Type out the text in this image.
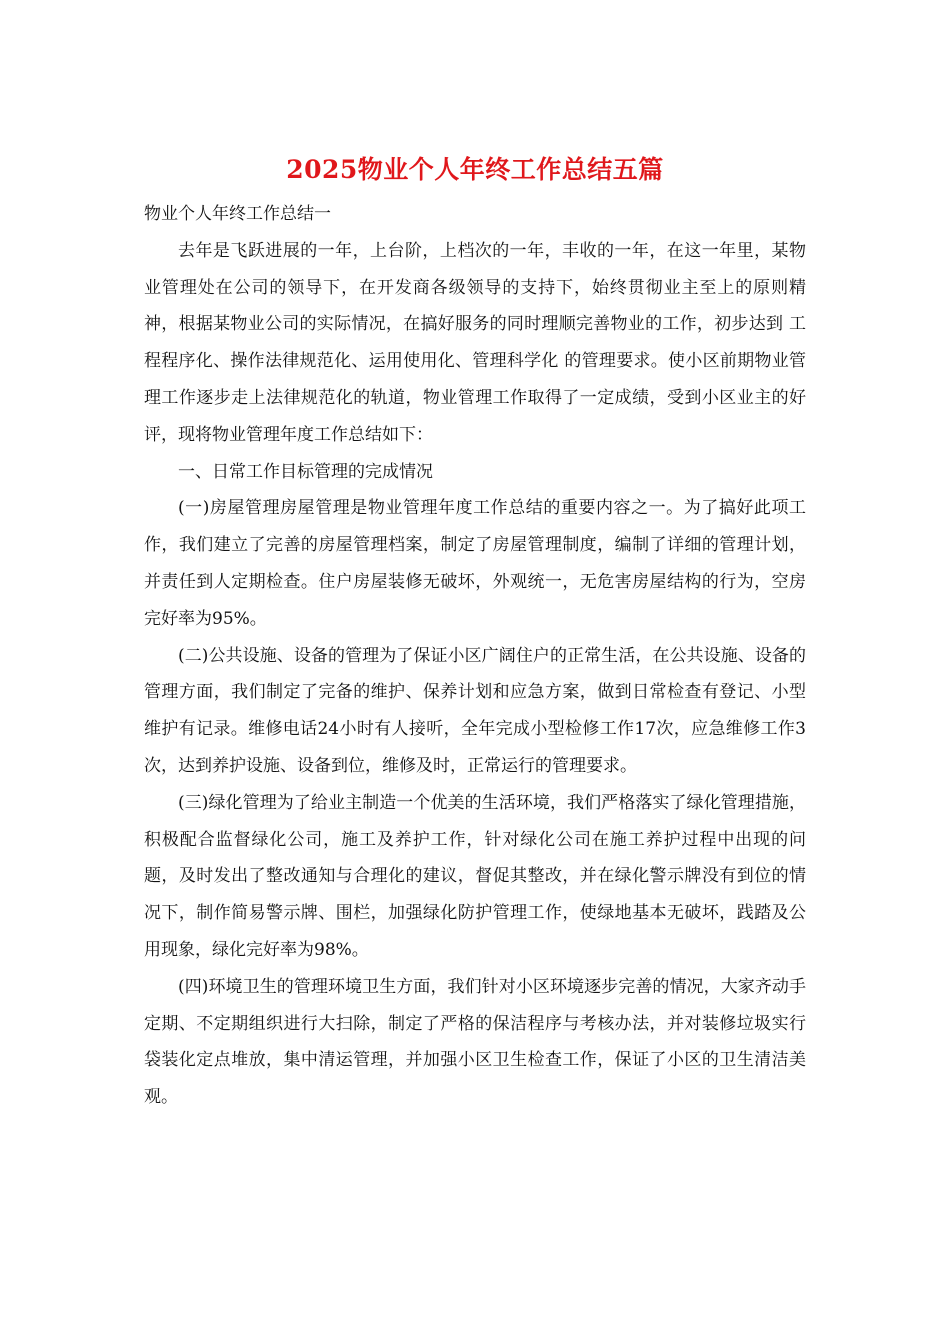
2025物业个人年终工作总结五篇

物业个人年终工作总结一

去年是飞跃进展的一年，上台阶，上档次的一年，丰收的一年，在这一年里，某物业管理处在公司的领导下，在开发商各级领导的支持下，始终贯彻业主至上的原则精神，根据某物业公司的实际情况，在搞好服务的同时理顺完善物业的工作，初步达到 工程程序化、操作法律规范化、运用使用化、管理科学化 的管理要求。使小区前期物业管理工作逐步走上法律规范化的轨道，物业管理工作取得了一定成绩，受到小区业主的好评，现将物业管理年度工作总结如下：

一、日常工作目标管理的完成情况

(一)房屋管理房屋管理是物业管理年度工作总结的重要内容之一。为了搞好此项工作，我们建立了完善的房屋管理档案，制定了房屋管理制度，编制了详细的管理计划，并责任到人定期检查。住户房屋装修无破坏，外观统一，无危害房屋结构的行为，空房完好率为95%。

(二)公共设施、设备的管理为了保证小区广阔住户的正常生活，在公共设施、设备的管理方面，我们制定了完备的维护、保养计划和应急方案，做到日常检查有登记、小型维护有记录。维修电话24小时有人接听，全年完成小型检修工作17次，应急维修工作3次，达到养护设施、设备到位，维修及时，正常运行的管理要求。

(三)绿化管理为了给业主制造一个优美的生活环境，我们严格落实了绿化管理措施，积极配合监督绿化公司，施工及养护工作，针对绿化公司在施工养护过程中出现的问题，及时发出了整改通知与合理化的建议，督促其整改，并在绿化警示牌没有到位的情况下，制作简易警示牌、围栏，加强绿化防护管理工作，使绿地基本无破坏，践踏及公用现象，绿化完好率为98%。

(四)环境卫生的管理环境卫生方面，我们针对小区环境逐步完善的情况，大家齐动手定期、不定期组织进行大扫除，制定了严格的保洁程序与考核办法，并对装修垃圾实行袋装化定点堆放，集中清运管理，并加强小区卫生检查工作，保证了小区的卫生清洁美观。
